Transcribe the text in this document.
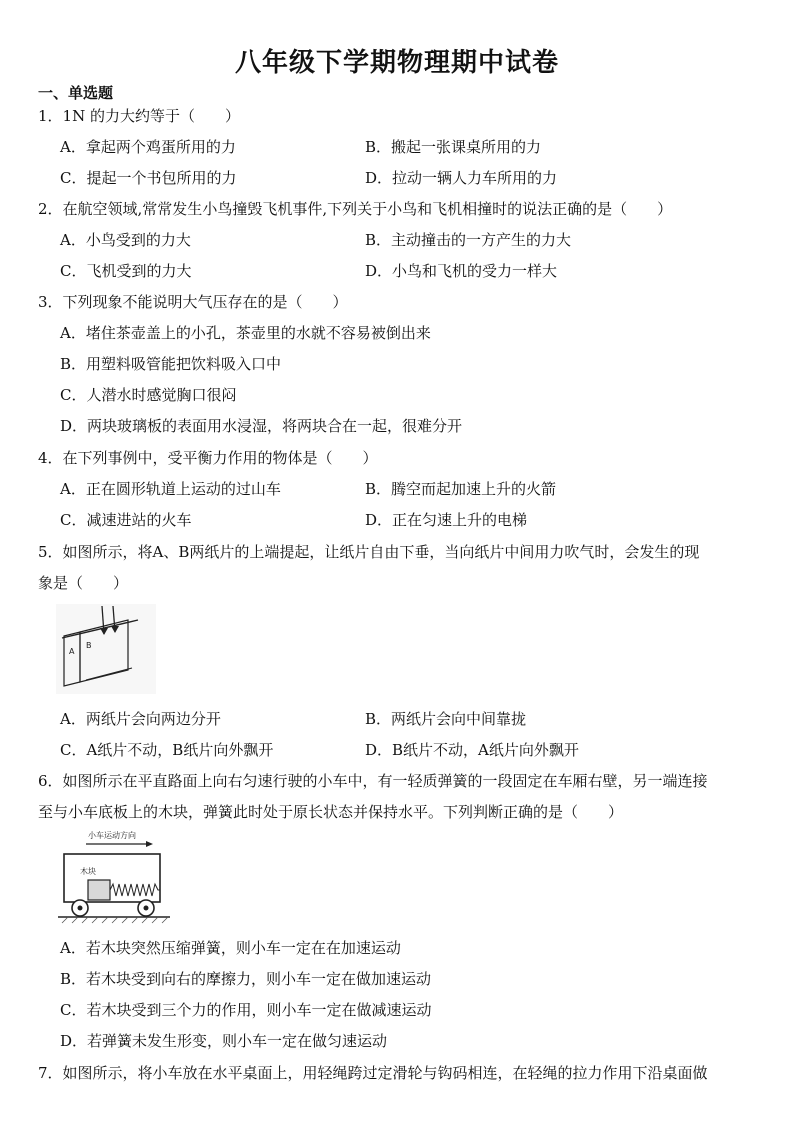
八年级下学期物理期中试卷
一、单选题
1．1N 的力大约等于（　　）
A．拿起两个鸡蛋所用的力	B．搬起一张课桌所用的力
C．提起一个书包所用的力	D．拉动一辆人力车所用的力
2．在航空领域,常常发生小鸟撞毁飞机事件,下列关于小鸟和飞机相撞时的说法正确的是（　　）
A．小鸟受到的力大	B．主动撞击的一方产生的力大
C．飞机受到的力大	D．小鸟和飞机的受力一样大
3．下列现象不能说明大气压存在的是（　　）
A．堵住茶壶盖上的小孔，茶壶里的水就不容易被倒出来
B．用塑料吸管能把饮料吸入口中
C．人潜水时感觉胸口很闷
D．两块玻璃板的表面用水浸湿，将两块合在一起，很难分开
4．在下列事例中，受平衡力作用的物体是（　　）
A．正在圆形轨道上运动的过山车	B．腾空而起加速上升的火箭
C．减速进站的火车	D．正在匀速上升的电梯
5．如图所示，将A、B两纸片的上端提起，让纸片自由下垂，当向纸片中间用力吹气时，会发生的现
象是（　　）
A
B
A．两纸片会向两边分开	B．两纸片会向中间靠拢
C．A纸片不动，B纸片向外飘开	D．B纸片不动，A纸片向外飘开
6．如图所示在平直路面上向右匀速行驶的小车中，有一轻质弹簧的一段固定在车厢右壁，另一端连接
至与小车底板上的木块，弹簧此时处于原长状态并保持水平。下列判断正确的是（　　）
小车运动方向
木块
A．若木块突然压缩弹簧，则小车一定在在加速运动
B．若木块受到向右的摩擦力，则小车一定在做加速运动
C．若木块受到三个力的作用，则小车一定在做减速运动
D．若弹簧未发生形变，则小车一定在做匀速运动
7．如图所示，将小车放在水平桌面上，用轻绳跨过定滑轮与钩码相连，在轻绳的拉力作用下沿桌面做
